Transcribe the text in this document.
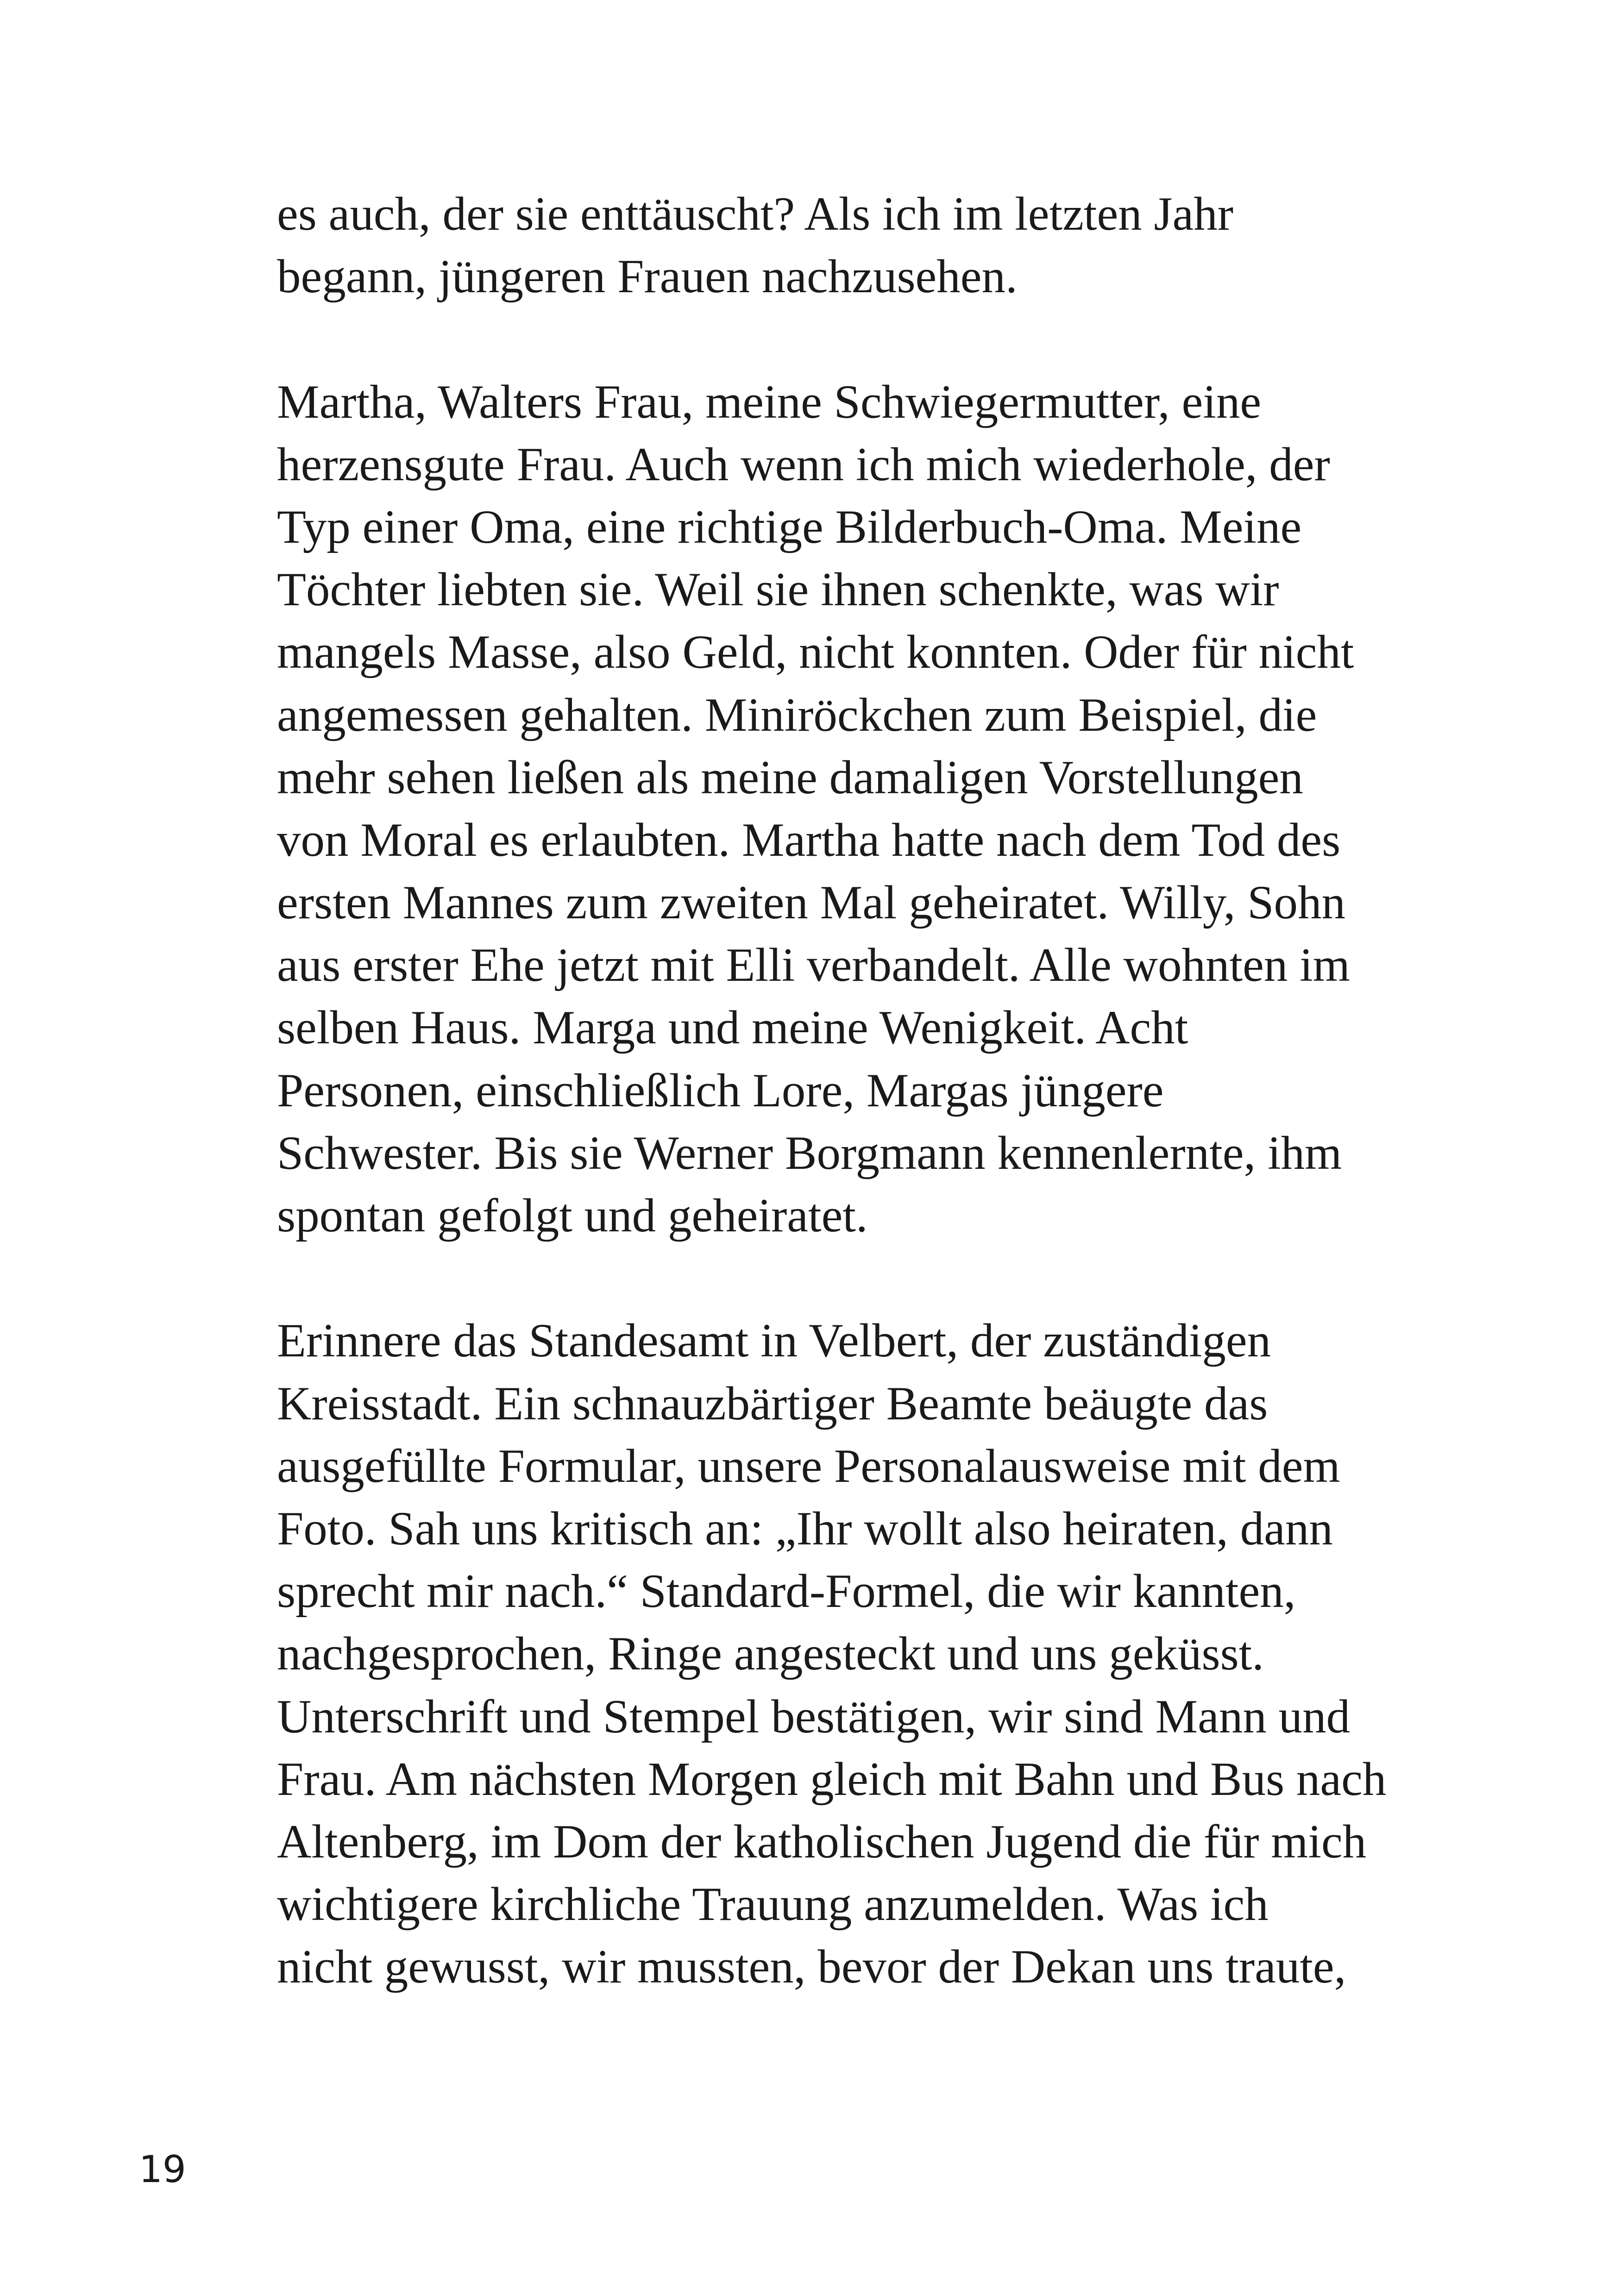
es auch, der sie enttäuscht? Als ich im letzten Jahr
begann, jüngeren Frauen nachzusehen.
Martha, Walters Frau, meine Schwiegermutter, eine
herzensgute Frau. Auch wenn ich mich wiederhole, der
Typ einer Oma, eine richtige Bilderbuch-Oma. Meine
Töchter liebten sie. Weil sie ihnen schenkte, was wir
mangels Masse, also Geld, nicht konnten. Oder für nicht
angemessen gehalten. Miniröckchen zum Beispiel, die
mehr sehen ließen als meine damaligen Vorstellungen
von Moral es erlaubten. Martha hatte nach dem Tod des
ersten Mannes zum zweiten Mal geheiratet. Willy, Sohn
aus erster Ehe jetzt mit Elli verbandelt. Alle wohnten im
selben Haus. Marga und meine Wenigkeit. Acht
Personen, einschließlich Lore, Margas jüngere
Schwester. Bis sie Werner Borgmann kennenlernte, ihm
spontan gefolgt und geheiratet.
Erinnere das Standesamt in Velbert, der zuständigen
Kreisstadt. Ein schnauzbärtiger Beamte beäugte das
ausgefüllte Formular, unsere Personalausweise mit dem
Foto. Sah uns kritisch an: „Ihr wollt also heiraten, dann
sprecht mir nach.“ Standard-Formel, die wir kannten,
nachgesprochen, Ringe angesteckt und uns geküsst.
Unterschrift und Stempel bestätigen, wir sind Mann und
Frau. Am nächsten Morgen gleich mit Bahn und Bus nach
Altenberg, im Dom der katholischen Jugend die für mich
wichtigere kirchliche Trauung anzumelden. Was ich
nicht gewusst, wir mussten, bevor der Dekan uns traute,
19
